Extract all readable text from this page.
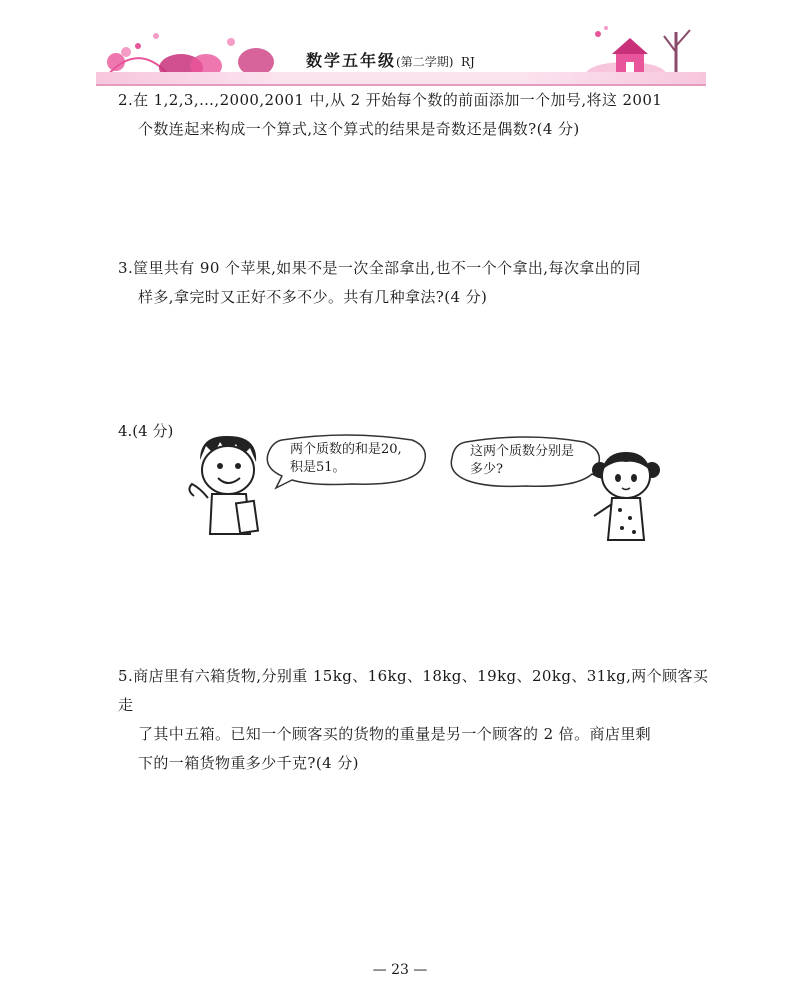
数学五年级(第二学期) RJ

2.在 1,2,3,…,2000,2001 中,从 2 开始每个数的前面添加一个加号,将这 2001

个数连起来构成一个算式,这个算式的结果是奇数还是偶数?(4 分)

3.筐里共有 90 个苹果,如果不是一次全部拿出,也不一个个拿出,每次拿出的同

样多,拿完时又正好不多不少。共有几种拿法?(4 分)

4.(4 分)
两个质数的和是20,
积是51。
这两个质数分别是
多少?

5.商店里有六箱货物,分别重 15kg、16kg、18kg、19kg、20kg、31kg,两个顾客买走

了其中五箱。已知一个顾客买的货物的重量是另一个顾客的 2 倍。商店里剩

下的一箱货物重多少千克?(4 分)

— 23 —
